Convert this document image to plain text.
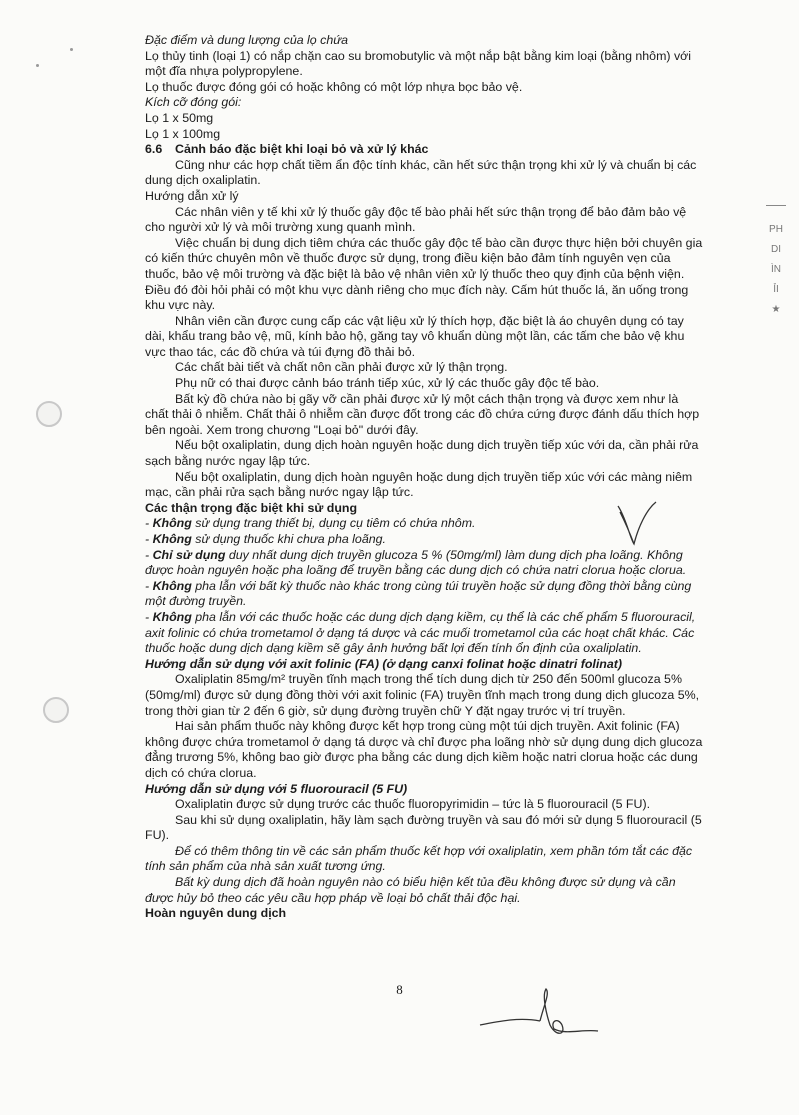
Đặc điểm và dung lượng của lọ chứa

Lọ thủy tinh (loại 1) có nắp chặn cao su bromobutylic và một nắp bật bằng kim loại (bằng nhôm) với một đĩa nhựa polypropylene.

Lọ thuốc được đóng gói có hoặc không có một lớp nhựa bọc bảo vệ.

Kích cỡ đóng gói:

Lọ 1 x 50mg

Lọ 1 x 100mg

6.6	Cảnh báo đặc biệt khi loại bỏ và xử lý khác

Cũng như các hợp chất tiềm ẩn độc tính khác, cần hết sức thận trọng khi xử lý và chuẩn bị các dung dịch oxaliplatin.

Hướng dẫn xử lý

Các nhân viên y tế khi xử lý thuốc gây độc tế bào phải hết sức thận trọng để bảo đảm bảo vệ cho người xử lý và môi trường xung quanh mình.

Việc chuẩn bị dung dịch tiêm chứa các thuốc gây độc tế bào cần được thực hiện bởi chuyên gia có kiến thức chuyên môn về thuốc được sử dụng, trong điều kiện bảo đảm tính nguyên vẹn của thuốc, bảo vệ môi trường và đặc biệt là bảo vệ nhân viên xử lý thuốc theo quy định của bệnh viện. Điều đó đòi hỏi phải có một khu vực dành riêng cho mục đích này. Cấm hút thuốc lá, ăn uống trong khu vực này.

Nhân viên cần được cung cấp các vật liệu xử lý thích hợp, đặc biệt là áo chuyên dụng có tay dài, khẩu trang bảo vệ, mũ, kính bảo hộ, găng tay vô khuẩn dùng một lần, các tấm che bảo vệ khu vực thao tác, các đồ chứa và túi đựng đồ thải bỏ.

Các chất bài tiết và chất nôn cần phải được xử lý thận trọng.

Phụ nữ có thai được cảnh báo tránh tiếp xúc, xử lý các thuốc gây độc tế bào.

Bất kỳ đồ chứa nào bị gãy vỡ cần phải được xử lý một cách thận trọng và được xem như là chất thải ô nhiễm. Chất thải ô nhiễm cần được đốt trong các đồ chứa cứng được đánh dấu thích hợp bên ngoài. Xem trong chương "Loại bỏ" dưới đây.

Nếu bột oxaliplatin, dung dịch hoàn nguyên hoặc dung dịch truyền tiếp xúc với da, cần phải rửa sạch bằng nước ngay lập tức.

Nếu bột oxaliplatin, dung dịch hoàn nguyên hoặc dung dịch truyền tiếp xúc với các màng niêm mạc, cần phải rửa sạch bằng nước ngay lập tức.

Các thận trọng đặc biệt khi sử dụng

- Không sử dụng trang thiết bị, dụng cụ tiêm có chứa nhôm.

- Không sử dụng thuốc khi chưa pha loãng.

- Chỉ sử dụng duy nhất dung dịch truyền glucoza 5 % (50mg/ml) làm dung dịch pha loãng. Không được hoàn nguyên hoặc pha loãng để truyền bằng các dung dịch có chứa natri clorua hoặc clorua.

- Không pha lẫn với bất kỳ thuốc nào khác trong cùng túi truyền hoặc sử dụng đồng thời bằng cùng một đường truyền.

- Không pha lẫn với các thuốc hoặc các dung dịch dạng kiềm, cụ thể là các chế phẩm 5 fluorouracil, axit folinic có chứa trometamol ở dạng tá dược và các muối trometamol của các hoạt chất khác. Các thuốc hoặc dung dịch dạng kiềm sẽ gây ảnh hưởng bất lợi đến tính ổn định của oxaliplatin.

Hướng dẫn sử dụng với axit folinic (FA) (ở dạng canxi folinat hoặc dinatri folinat)

Oxaliplatin 85mg/m² truyền tĩnh mạch trong thể tích dung dịch từ 250 đến 500ml glucoza 5% (50mg/ml) được sử dụng đồng thời với axit folinic (FA) truyền tĩnh mạch trong dung dịch glucoza 5%, trong thời gian từ 2 đến 6 giờ, sử dụng đường truyền chữ Y đặt ngay trước vị trí truyền.

Hai sản phẩm thuốc này không được kết hợp trong cùng một túi dịch truyền. Axit folinic (FA) không được chứa trometamol ở dạng tá dược và chỉ được pha loãng nhờ sử dụng dung dịch glucoza đẳng trương 5%, không bao giờ được pha bằng các dung dịch kiềm hoặc natri clorua hoặc các dung dịch có chứa clorua.

Hướng dẫn sử dụng với 5 fluorouracil (5 FU)

Oxaliplatin được sử dụng trước các thuốc fluoropyrimidin – tức là 5 fluorouracil (5 FU).

Sau khi sử dụng oxaliplatin, hãy làm sạch đường truyền và sau đó mới sử dụng 5 fluorouracil (5 FU).

Để có thêm thông tin về các sản phẩm thuốc kết hợp với oxaliplatin, xem phần tóm tắt các đặc tính sản phẩm của nhà sản xuất tương ứng.

Bất kỳ dung dịch đã hoàn nguyên nào có biểu hiện kết tủa đều không được sử dụng và cần được hủy bỏ theo các yêu cầu hợp pháp về loại bỏ chất thải độc hại.

Hoàn nguyên dung dịch

8
PH
DI
ÌN
ỈI
★
